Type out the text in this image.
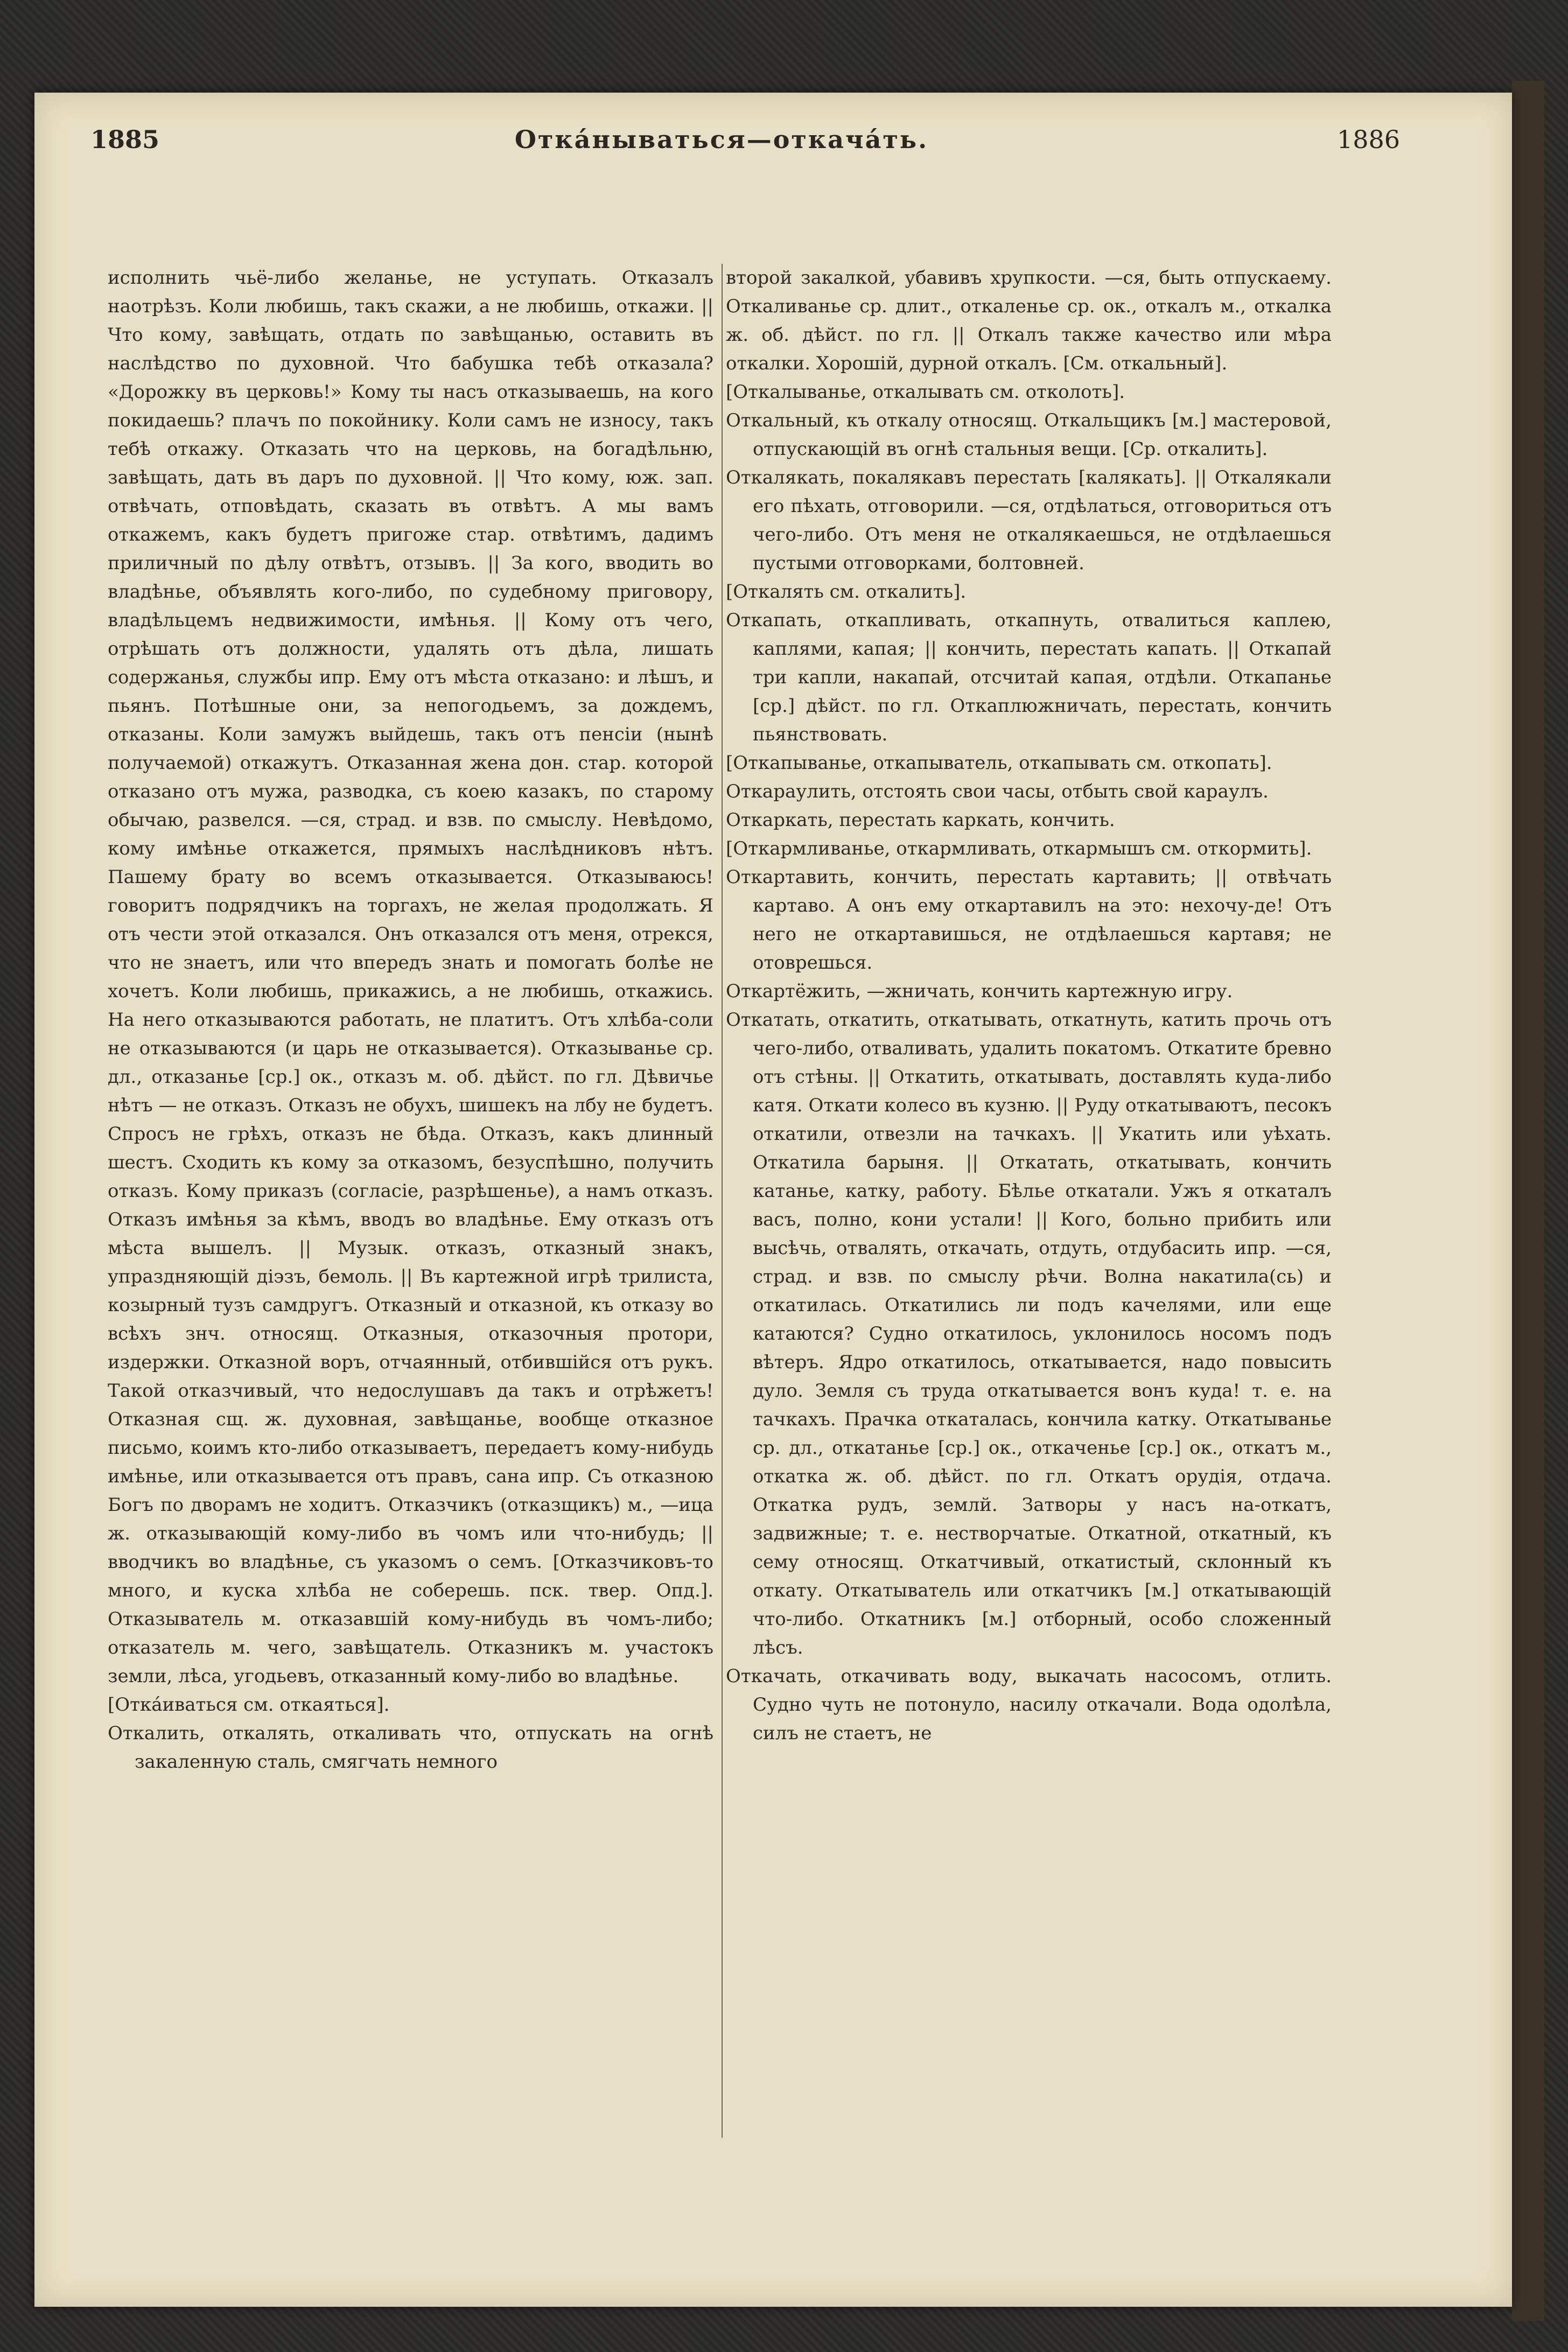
1885	Откáнываться—откачáть.	1886

исполнить чьё-либо желанье, не уступать. Отказалъ наотрѣзъ. Коли любишь, такъ скажи, а не любишь, откажи. || Что кому, завѣщать, отдать по завѣщанью, оставить въ наслѣдство по духовной. Что бабушка тебѣ отказала? «Дорожку въ церковь!» Кому ты насъ отказываешь, на кого покидаешь? плачъ по покойнику. Коли самъ не износу, такъ тебѣ откажу. Отказать что на церковь, на богадѣльню, завѣщать, дать въ даръ по духовной. || Что кому, юж. зап. отвѣчать, отповѣдать, сказать въ отвѣтъ. А мы вамъ откажемъ, какъ будетъ пригоже стар. отвѣтимъ, дадимъ приличный по дѣлу отвѣтъ, отзывъ. || За кого, вводить во владѣнье, объявлять кого-либо, по судебному приговору, владѣльцемъ недвижимости, имѣнья. || Кому отъ чего, отрѣшать отъ должности, удалять отъ дѣла, лишать содержанья, службы ипр. Ему отъ мѣста отказано: и лѣшъ, и пьянъ. Потѣшные они, за непогодьемъ, за дождемъ, отказаны. Коли замужъ выйдешь, такъ отъ пенсіи (нынѣ получаемой) откажутъ. Отказанная жена дон. стар. которой отказано отъ мужа, разводка, съ коею казакъ, по старому обычаю, развелся. —ся, страд. и взв. по смыслу. Невѣдомо, кому имѣнье откажется, прямыхъ наслѣдниковъ нѣтъ. Пашему брату во всемъ отказывается. Отказываюсь! говоритъ подрядчикъ на торгахъ, не желая продолжать. Я отъ чести этой отказался. Онъ отказался отъ меня, отрекся, что не знаетъ, или что впередъ знать и помогать болѣе не хочетъ. Коли любишь, прикажись, а не любишь, откажись. На него отказываются работать, не платитъ. Отъ хлѣба-соли не отказываются (и царь не отказывается). Отказыванье ср. дл., отказанье [ср.] ок., отказъ м. об. дѣйст. по гл. Дѣвичье нѣтъ — не отказъ. Отказъ не обухъ, шишекъ на лбу не будетъ. Спросъ не грѣхъ, отказъ не бѣда. Отказъ, какъ длинный шестъ. Сходить къ кому за отказомъ, безуспѣшно, получить отказъ. Кому приказъ (согласіе, разрѣшенье), а намъ отказъ. Отказъ имѣнья за кѣмъ, вводъ во владѣнье. Ему отказъ отъ мѣста вышелъ. || Музык. отказъ, отказный знакъ, упраздняющій діэзъ, бемоль. || Въ картежной игрѣ трилиста, козырный тузъ самдругъ. Отказный и отказной, къ отказу во всѣхъ знч. относящ. Отказныя, отказочныя протори, издержки. Отказной воръ, отчаянный, отбившійся отъ рукъ. Такой отказчивый, что недослушавъ да такъ и отрѣжетъ! Отказная сщ. ж. духовная, завѣщанье, вообще отказное письмо, коимъ кто-либо отказываетъ, передаетъ кому-нибудь имѣнье, или отказывается отъ правъ, сана ипр. Съ отказною Богъ по дворамъ не ходитъ. Отказчикъ (отказщикъ) м., —ица ж. отказывающій кому-либо въ чомъ или что-нибудь; || вводчикъ во владѣнье, съ указомъ о семъ. [Отказчиковъ-то много, и куска хлѣба не соберешь. пск. твер. Опд.]. Отказыватель м. отказавшій кому-нибудь въ чомъ-либо; отказатель м. чего, завѣщатель. Отказникъ м. участокъ земли, лѣса, угодьевъ, отказанный кому-либо во владѣнье.

[Откáиваться см. откаяться].

Откалить, откалять, откаливать что, отпускать на огнѣ закаленную сталь, смягчать немного

второй закалкой, убавивъ хрупкости. —ся, быть отпускаему. Откаливанье ср. длит., откаленье ср. ок., откалъ м., откалка ж. об. дѣйст. по гл. || Откалъ также качество или мѣра откалки. Хорошій, дурной откалъ. [См. откальный].

[Откалыванье, откалывать см. отколоть].

Откальный, къ откалу относящ. Откальщикъ [м.] мастеровой, отпускающій въ огнѣ стальныя вещи. [Ср. откалить].

Откалякать, покалякавъ перестать [калякать]. || Откалякали его пѣхать, отговорили. —ся, отдѣлаться, отговориться отъ чего-либо. Отъ меня не откалякаешься, не отдѣлаешься пустыми отговорками, болтовней.

[Откалять см. откалить].

Откапать, откапливать, откапнуть, отвалиться каплею, каплями, капая; || кончить, перестать капать. || Откапай три капли, накапай, отсчитай капая, отдѣли. Откапанье [ср.] дѣйст. по гл. Откаплюжничать, перестать, кончить пьянствовать.

[Откапыванье, откапыватель, откапывать см. откопать].

Откараулить, отстоять свои часы, отбыть свой караулъ.

Откаркать, перестать каркать, кончить.

[Откармливанье, откармливать, откармышъ см. откормить].

Откартавить, кончить, перестать картавить; || отвѣчать картаво. А онъ ему откартавилъ на это: нехочу-де! Отъ него не откартавишься, не отдѣлаешься картавя; не отоврешься.

Откартёжить, —жничать, кончить картежную игру.

Откатать, откатить, откатывать, откатнуть, катить прочь отъ чего-либо, отваливать, удалить покатомъ. Откатите бревно отъ стѣны. || Откатить, откатывать, доставлять куда-либо катя. Откати колесо въ кузню. || Руду откатываютъ, песокъ откатили, отвезли на тачкахъ. || Укатить или уѣхать. Откатила барыня. || Откатать, откатывать, кончить катанье, катку, работу. Бѣлье откатали. Ужъ я откаталъ васъ, полно, кони устали! || Кого, больно прибить или высѣчь, отвалять, откачать, отдуть, отдубасить ипр. —ся, страд. и взв. по смыслу рѣчи. Волна накатила(сь) и откатилась. Откатились ли подъ качелями, или еще катаются? Судно откатилось, уклонилось носомъ подъ вѣтеръ. Ядро откатилось, откатывается, надо повысить дуло. Земля съ труда откатывается вонъ куда! т. е. на тачкахъ. Прачка откаталась, кончила катку. Откатыванье ср. дл., откатанье [ср.] ок., откаченье [ср.] ок., откатъ м., откатка ж. об. дѣйст. по гл. Откатъ орудія, отдача. Откатка рудъ, землй. Затворы у насъ на-откатъ, задвижные; т. е. нестворчатые. Откатной, откатный, къ сему относящ. Откатчивый, откатистый, склонный къ откату. Откатыватель или откатчикъ [м.] откатывающій что-либо. Откатникъ [м.] отборный, особо сложенный лѣсъ.

Откачать, откачивать воду, выкачать насосомъ, отлить. Судно чуть не потонуло, насилу откачали. Вода одолѣла, силъ не стаетъ, не
